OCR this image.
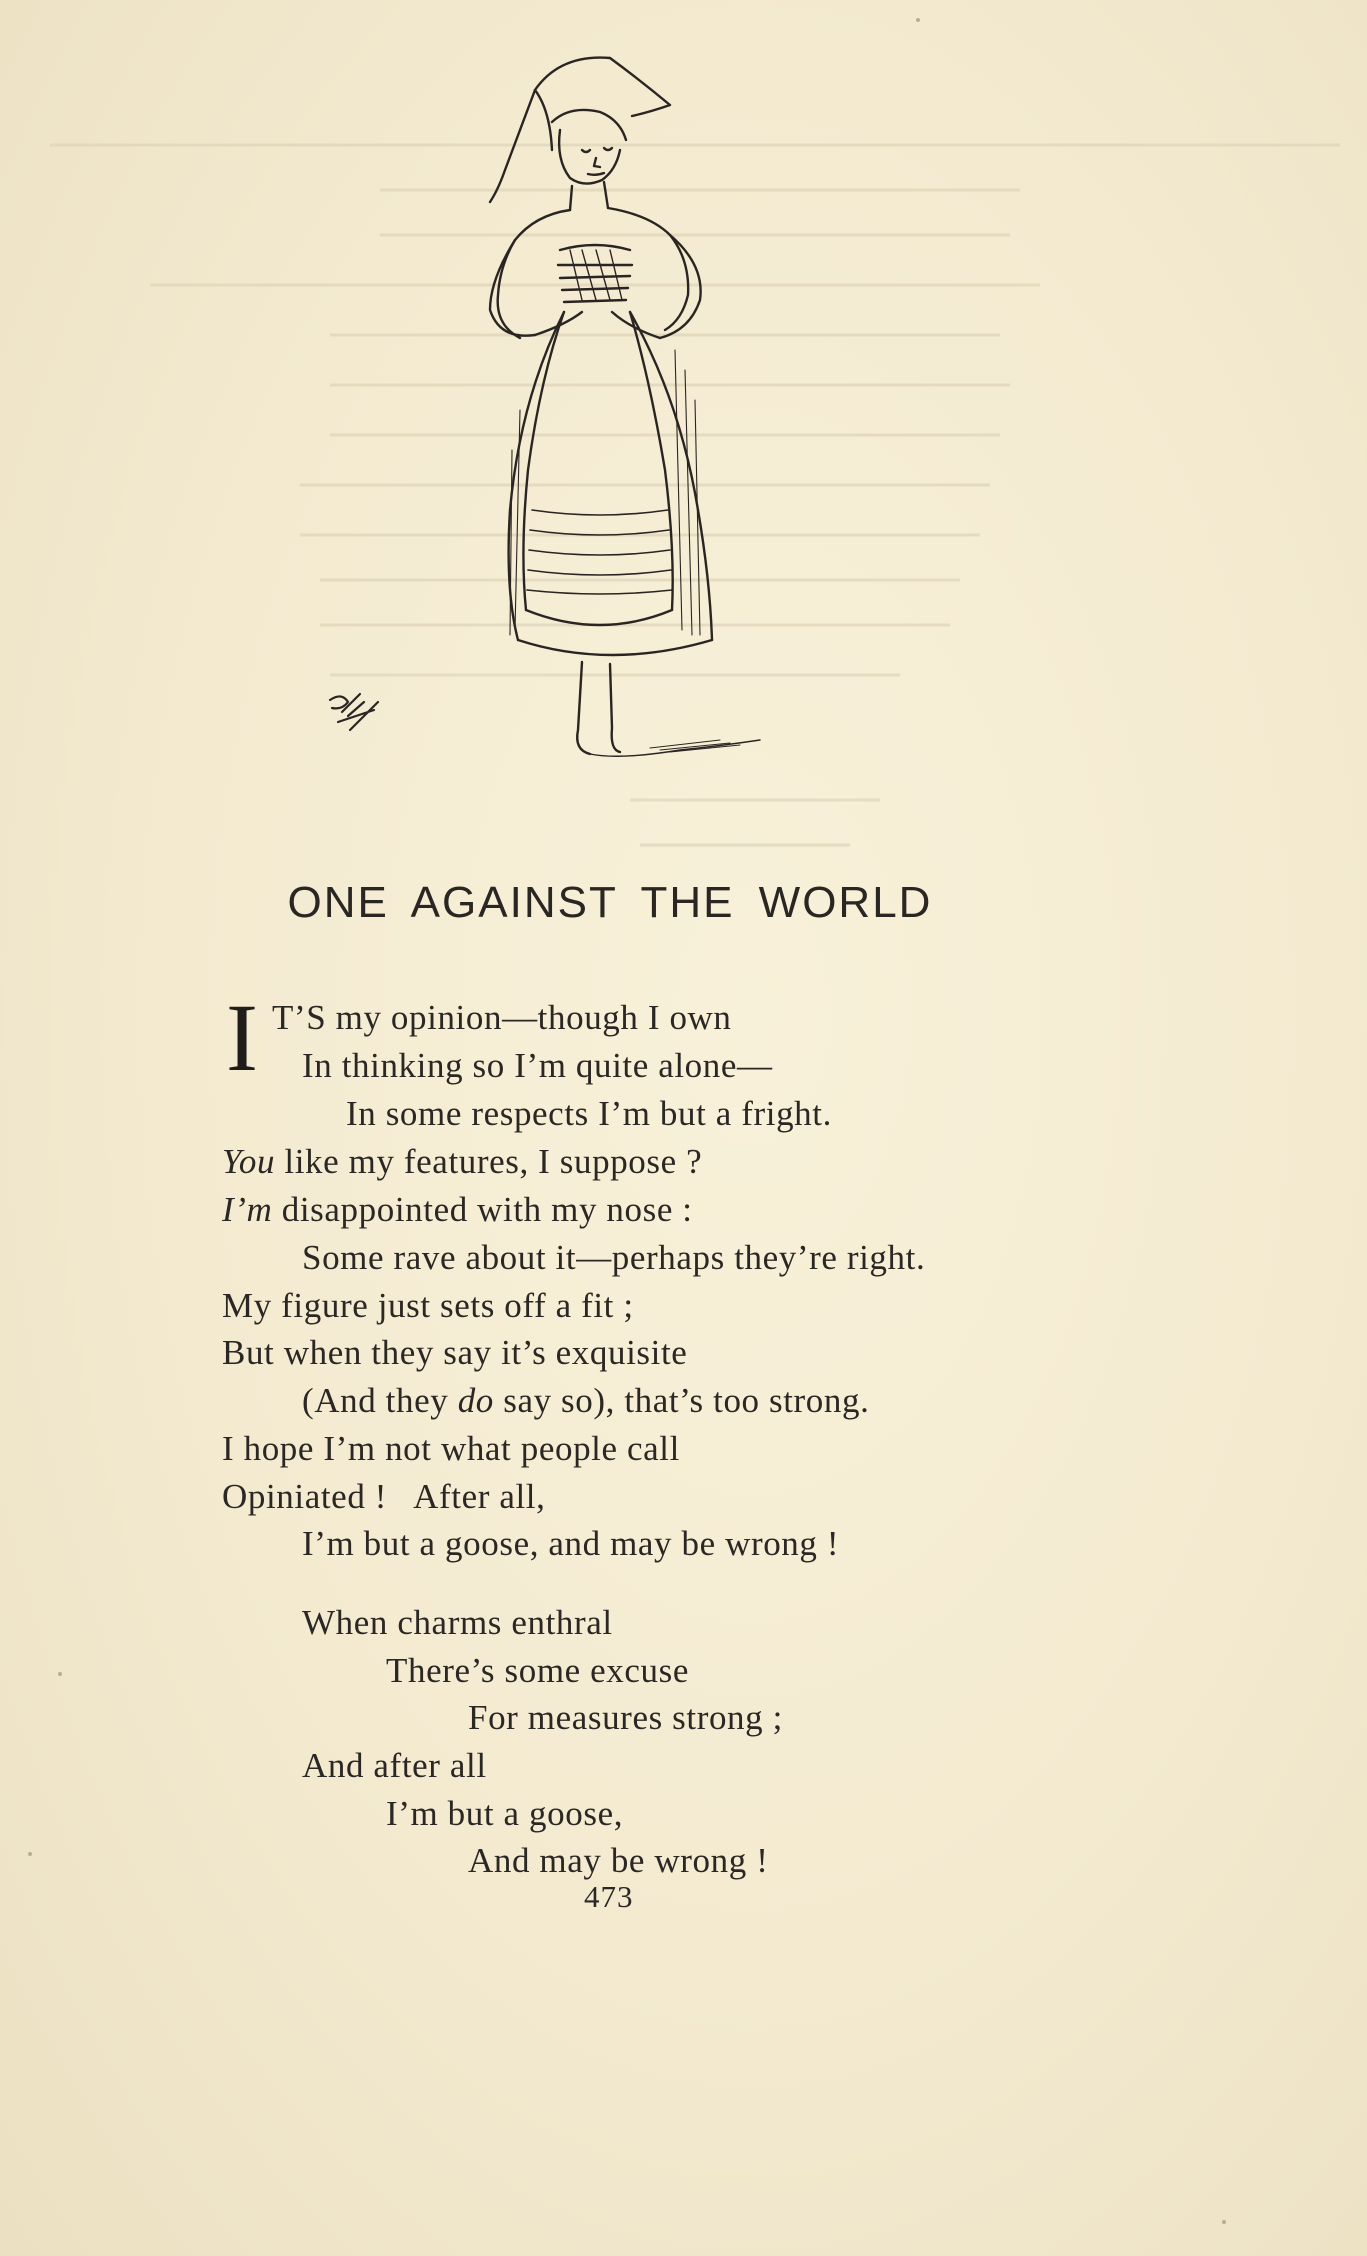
ONE AGAINST THE WORLD
I T’S my opinion—though I own
In thinking so I’m quite alone—
In some respects I’m but a fright.
You like my features, I suppose ?
I’m disappointed with my nose :
Some rave about it—perhaps they’re right.
My figure just sets off a fit ;
But when they say it’s exquisite
(And they do say so), that’s too strong.
I hope I’m not what people call
Opiniated !   After all,
I’m but a goose, and may be wrong !
When charms enthral
There’s some excuse
For measures strong ;
And after all
I’m but a goose,
And may be wrong !
473
